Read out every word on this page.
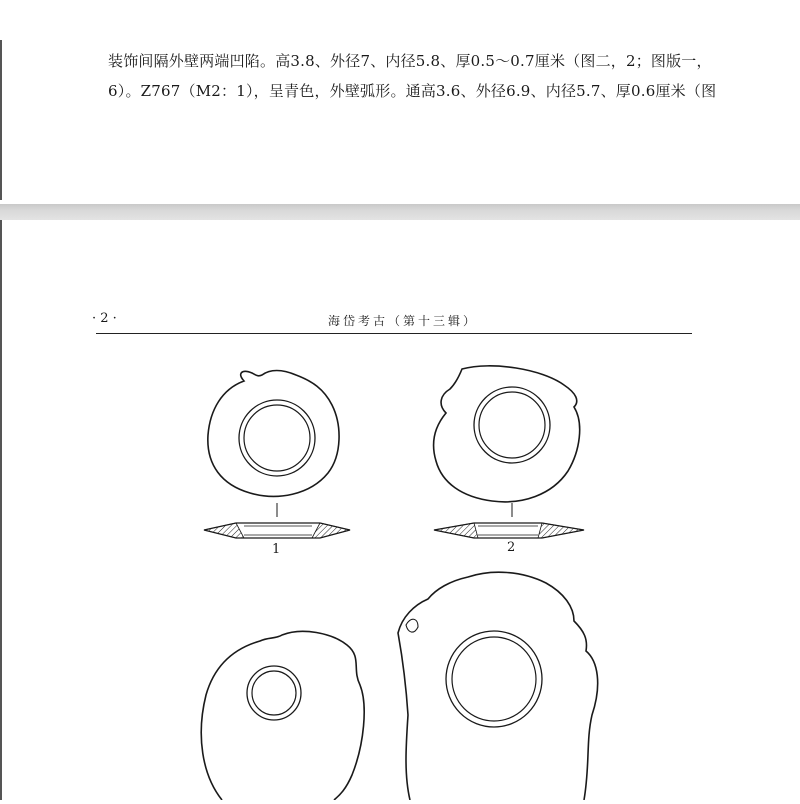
装饰间隔外壁两端凹陷。高3.8、外径7、内径5.8、厚0.5～0.7厘米（图二，2；图版一，
6）。Z767（M2：1），呈青色，外壁弧形。通高3.6、外径6.9、内径5.7、厚0.6厘米（图
· 2 ·	海岱考古（第十三辑）
1	2
